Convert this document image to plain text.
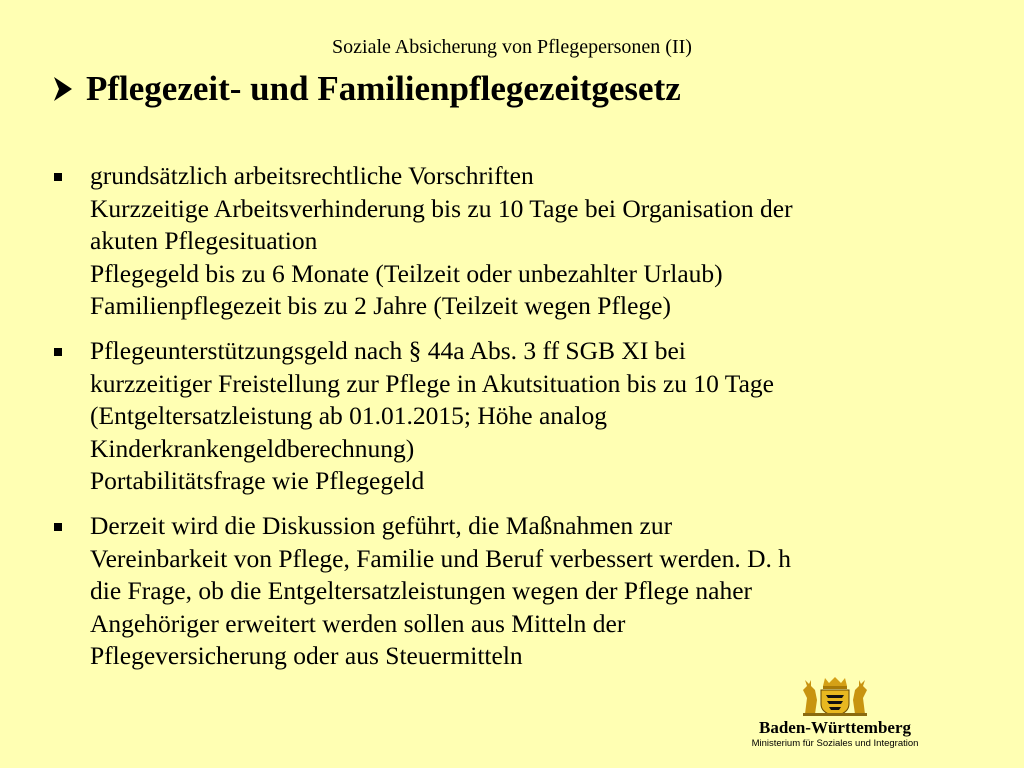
Soziale Absicherung von Pflegepersonen (II)
Pflegezeit- und Familienpflegezeitgesetz
grundsätzlich arbeitsrechtliche Vorschriften
Kurzzeitige Arbeitsverhinderung bis zu 10 Tage bei Organisation der
akuten Pflegesituation
Pflegegeld bis zu 6 Monate (Teilzeit oder unbezahlter Urlaub)
Familienpflegezeit bis zu 2 Jahre (Teilzeit wegen Pflege)
Pflegeunterstützungsgeld nach § 44a Abs. 3 ff SGB XI bei
kurzzeitiger Freistellung zur Pflege in Akutsituation bis zu 10 Tage
(Entgeltersatzleistung ab 01.01.2015; Höhe analog
Kinderkrankengeldberechnung)
Portabilitätsfrage wie Pflegegeld
Derzeit wird die Diskussion geführt, die Maßnahmen zur
Vereinbarkeit von Pflege, Familie und Beruf verbessert werden. D. h
die Frage, ob die Entgeltersatzleistungen wegen der Pflege naher
Angehöriger erweitert werden sollen aus Mitteln der
Pflegeversicherung oder aus Steuermitteln
Baden-Württemberg
Ministerium für Soziales und Integration
